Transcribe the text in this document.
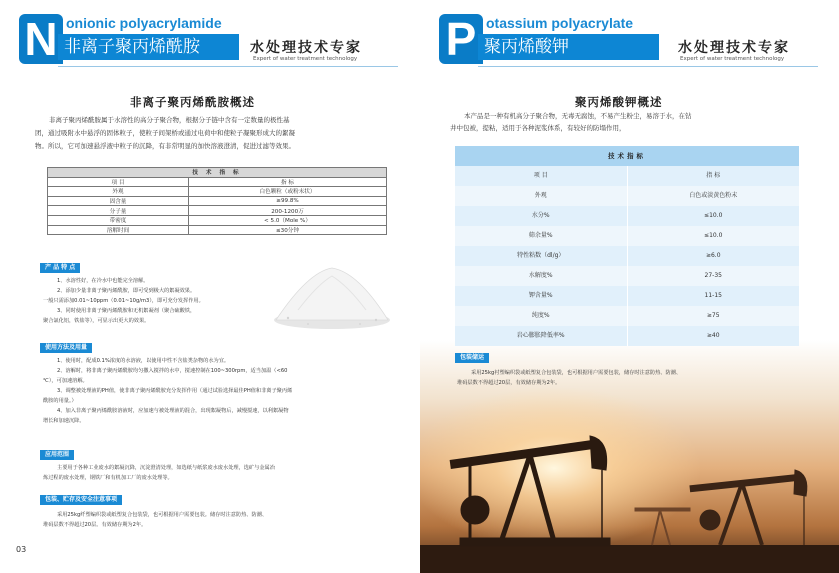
N onionic polyacrylamide
非离子聚丙烯酰胺	水处理技术专家
Expert of water treatment technology
非离子聚丙烯酰胺概述
非离子聚丙烯酰胺属于水溶性的高分子聚合物，根据分子链中含有一定数量的极性基
团，通过吸附水中悬浮的固体粒子，使粒子间架桥或通过电荷中和使粒子凝聚形成大的絮凝
物。所以，它可加速悬浮液中粒子的沉降，有非常明显的加快溶液澄清，促进过滤等效果。
技 术 指 标	
项 目	指 标
外观	白色颗粒（或粉末状）
固含量	≥99.8%
分子量	200-1200万
带密度	< 5.0（Mole %）
溶解时间	≤30分钟
产 品 特 点
1、水溶性好，在冷水中也能完全溶解。
2、添加少量非离子聚丙烯酰胺，即可受到极大的絮凝效果。
一般只需添加0.01~10ppm（0.01~10g/m3），即可充分发挥作用。
3、同时使用非离子聚丙烯酰胺和无机絮凝剂（聚合硫酸铁，
聚合氯化铝，铁盐等），可显示出更大的效果。
使用方法及用量
1、使用时，配成0.1%浓度的水溶液，以使用中性不含盐类杂物的水为宜。
2、溶解时，将非离子聚丙烯酰胺均匀撒入搅拌的水中，搅速控制在100~300rpm，适当加温（<60
℃），可加速溶解。
3、调整被处理液的PH值，使非离子聚丙烯酰胺充分发挥作用（通过试验选择最佳PH值和非离子聚丙烯
酰胺的用量。）
4、加入非离子聚丙烯酰胺溶液时，应加速与被处理液的混合，出现絮凝物后，减慢搅速，以利絮凝物
增长和加速沉降。
应用范围
主要用于各种工业废水的絮凝沉降，沉淀澄清处理，如选纸与纸浆废水废水处理，选矿与金属冶
炼过程的废水处理，钢铁厂和有机加工厂的废水处理等。
包装、贮存及安全注意事项
采用25kg纤塑编织袋或纸塑复合包装袋，也可根据用户需要包装。储存时注意防热、防潮、
堆码层数不得超过20层。有效储存期为2年。
03
P otassium polyacrylate
聚丙烯酸钾	水处理技术专家
Expert of water treatment technology
聚丙烯酸钾概述
本产品是一种有机高分子聚合物，无毒无腐蚀，不易产生粉尘，易溶于水，在钻
井中包被，提粘，适用于各种泥浆体系，有较好的防塌作用，
技术指标
项 目	指 标
外观	白色或淡黄色粉末
水分%	≤10.0
筛余量%	≤10.0
特性粘数（dl/g）	≥6.0
水解度%	27-35
钾含量%	11-15
纯度%	≥75
岩心膨胀降低率%	≥40
包装储运
采用25kg衬塑编织袋或纸塑复合包装袋，也可根据用户需要包装，储存时注意防热、防潮、
堆码层数不得超过20层，有效储存期为2年。
